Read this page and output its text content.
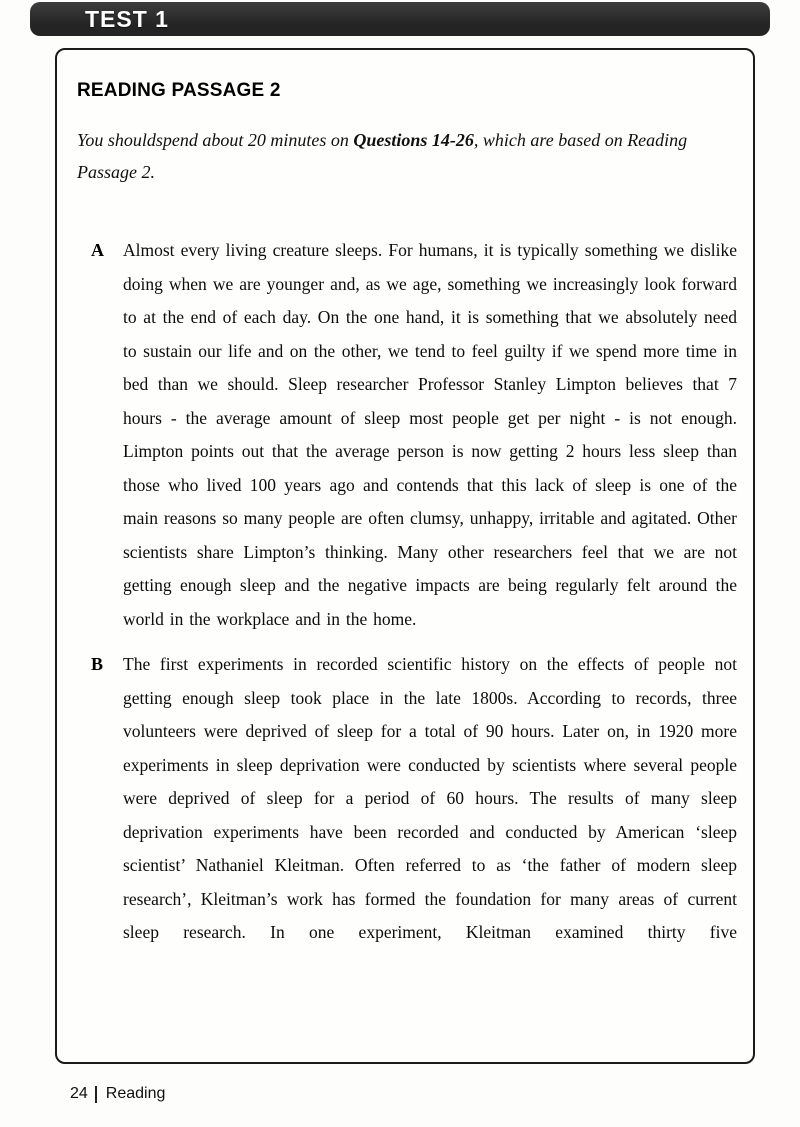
TEST 1
READING PASSAGE 2

You shouldspend about 20 minutes on Questions 14-26, which are based on Reading Passage 2.

A	Almost every living creature sleeps. For humans, it is typically something we dislike doing when we are younger and, as we age, something we increasingly look forward to at the end of each day. On the one hand, it is something that we absolutely need to sustain our life and on the other, we tend to feel guilty if we spend more time in bed than we should. Sleep researcher Professor Stanley Limpton believes that 7 hours - the average amount of sleep most people get per night - is not enough. Limpton points out that the average person is now getting 2 hours less sleep than those who lived 100 years ago and contends that this lack of sleep is one of the main reasons so many people are often clumsy, unhappy, irritable and agitated. Other scientists share Limpton’s thinking. Many other researchers feel that we are not getting enough sleep and the negative impacts are being regularly felt around the world in the workplace and in the home.
B	The first experiments in recorded scientific history on the effects of people not getting enough sleep took place in the late 1800s. According to records, three volunteers were deprived of sleep for a total of 90 hours. Later on, in 1920 more experiments in sleep deprivation were conducted by scientists where several people were deprived of sleep for a period of 60 hours. The results of many sleep deprivation experiments have been recorded and conducted by American ‘sleep scientist’ Nathaniel Kleitman. Often referred to as ‘the father of modern sleep research’, Kleitman’s work has formed the foundation for many areas of current sleep research. In one experiment, Kleitman examined thirty five
24 Reading
